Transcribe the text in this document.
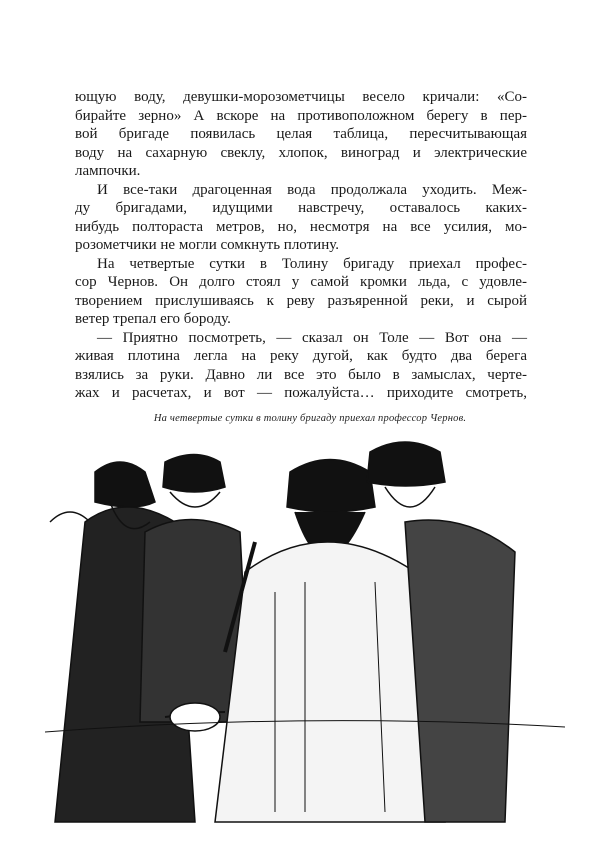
ющую воду, девушки-морозометчицы весело кричали: «Со-
бирайте зерно» А вскоре на противоположном берегу в пер-
вой бригаде появилась целая таблица, пересчитывающая
воду на сахарную свеклу, хлопок, виноград и электрические
лампочки.
И все-таки драгоценная вода продолжала уходить. Меж-
ду бригадами, идущими навстречу, оставалось каких-
нибудь полтораста метров, но, несмотря на все усилия, мо-
розометчики не могли сомкнуть плотину.
На четвертые сутки в Толину бригаду приехал профес-
сор Чернов. Он долго стоял у самой кромки льда, с удовле-
творением прислушиваясь к реву разъяренной реки, и сырой
ветер трепал его бороду.
— Приятно посмотреть, — сказал он Толе — Вот она —
живая плотина легла на реку дугой, как будто два берега
взялись за руки. Давно ли все это было в замыслах, черте-
жах и расчетах, и вот — пожалуйста… приходите смотреть,
На четвертые сутки в толину бригаду приехал профессор Чернов.
